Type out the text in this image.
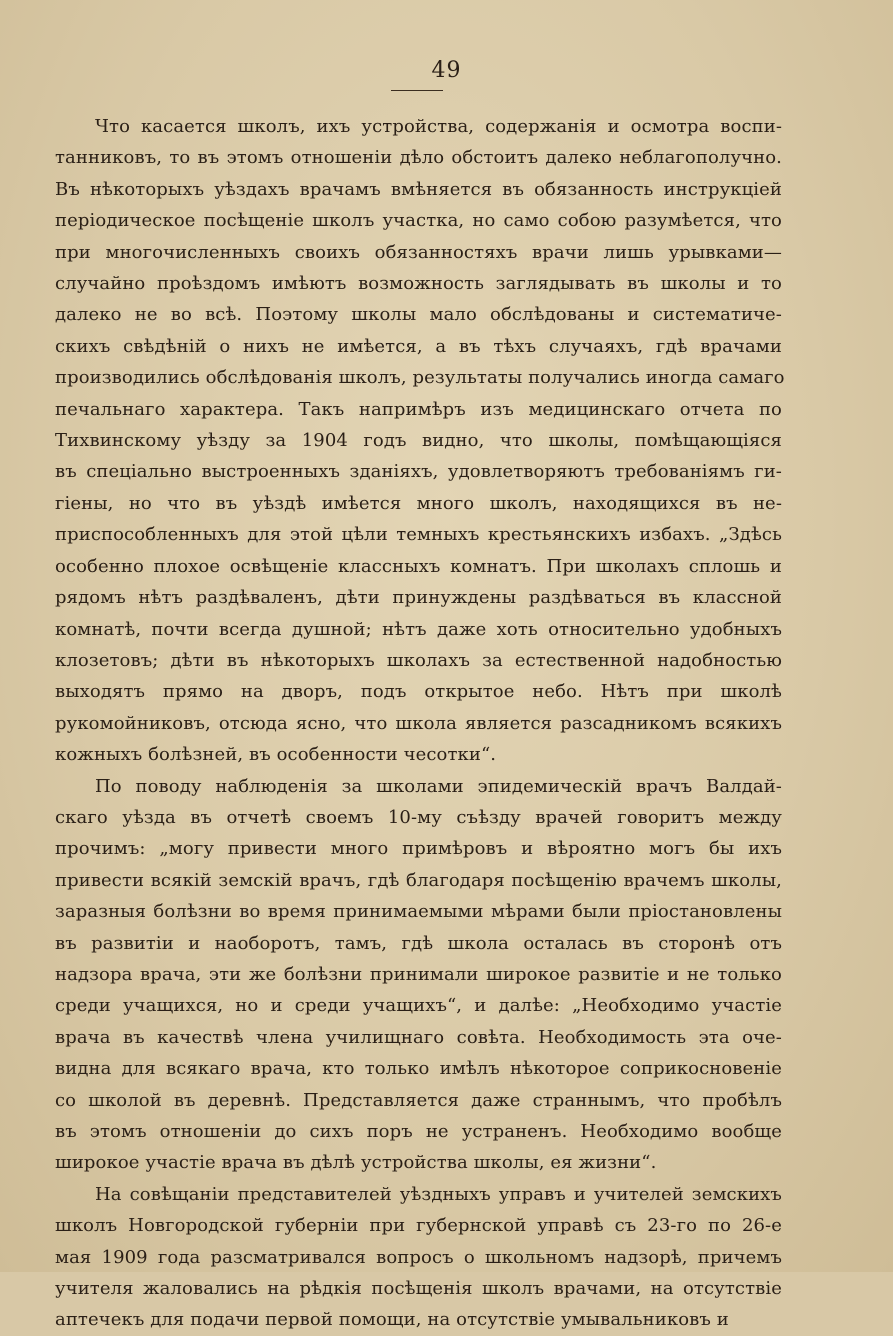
49
Что касается школъ, ихъ устройства, содержанія и осмотра воспи-
танниковъ, то въ этомъ отношеніи дѣло обстоитъ далеко неблагополучно.
Въ нѣкоторыхъ уѣздахъ врачамъ вмѣняется въ обязанность инструкціей
періодическое посѣщеніе школъ участка, но само собою разумѣется, что
при многочисленныхъ своихъ обязанностяхъ врачи лишь урывками—
случайно проѣздомъ имѣютъ возможность заглядывать въ школы и то
далеко не во всѣ. Поэтому школы мало обслѣдованы и систематиче-
скихъ свѣдѣній о нихъ не имѣется, а въ тѣхъ случаяхъ, гдѣ врачами
производились обслѣдованія школъ, результаты получались иногда самаго
печальнаго характера. Такъ напримѣръ изъ медицинскаго отчета по
Тихвинскому уѣзду за 1904 годъ видно, что школы, помѣщающіяся
въ спеціально выстроенныхъ зданіяхъ, удовлетворяютъ требованіямъ ги-
гіены, но что въ уѣздѣ имѣется много школъ, находящихся въ не-
приспособленныхъ для этой цѣли темныхъ крестьянскихъ избахъ. „Здѣсь
особенно плохое освѣщеніе классныхъ комнатъ. При школахъ сплошь и
рядомъ нѣтъ раздѣваленъ, дѣти принуждены раздѣваться въ классной
комнатѣ, почти всегда душной; нѣтъ даже хоть относительно удобныхъ
клозетовъ; дѣти въ нѣкоторыхъ школахъ за естественной надобностью
выходятъ прямо на дворъ, подъ открытое небо. Нѣтъ при школѣ
рукомойниковъ, отсюда ясно, что школа является разсадникомъ всякихъ
кожныхъ болѣзней, въ особенности чесотки“.
По поводу наблюденія за школами эпидемическій врачъ Валдай-
скаго уѣзда въ отчетѣ своемъ 10-му съѣзду врачей говоритъ между
прочимъ: „могу привести много примѣровъ и вѣроятно могъ бы ихъ
привести всякій земскій врачъ, гдѣ благодаря посѣщенію врачемъ школы,
заразныя болѣзни во время принимаемыми мѣрами были пріостановлены
въ развитіи и наоборотъ, тамъ, гдѣ школа осталась въ сторонѣ отъ
надзора врача, эти же болѣзни принимали широкое развитіе и не только
среди учащихся, но и среди учащихъ“, и далѣе: „Необходимо участіе
врача въ качествѣ члена училищнаго совѣта. Необходимость эта оче-
видна для всякаго врача, кто только имѣлъ нѣкоторое соприкосновеніе
со школой въ деревнѣ. Представляется даже страннымъ, что пробѣлъ
въ этомъ отношеніи до сихъ поръ не устраненъ. Необходимо вообще
широкое участіе врача въ дѣлѣ устройства школы, ея жизни“.
На совѣщаніи представителей уѣздныхъ управъ и учителей земскихъ
школъ Новгородской губерніи при губернской управѣ съ 23-го по 26-е
мая 1909 года разсматривался вопросъ о школьномъ надзорѣ, причемъ
учителя жаловались на рѣдкія посѣщенія школъ врачами, на отсутствіе
аптечекъ для подачи первой помощи, на отсутствіе умывальниковъ и
